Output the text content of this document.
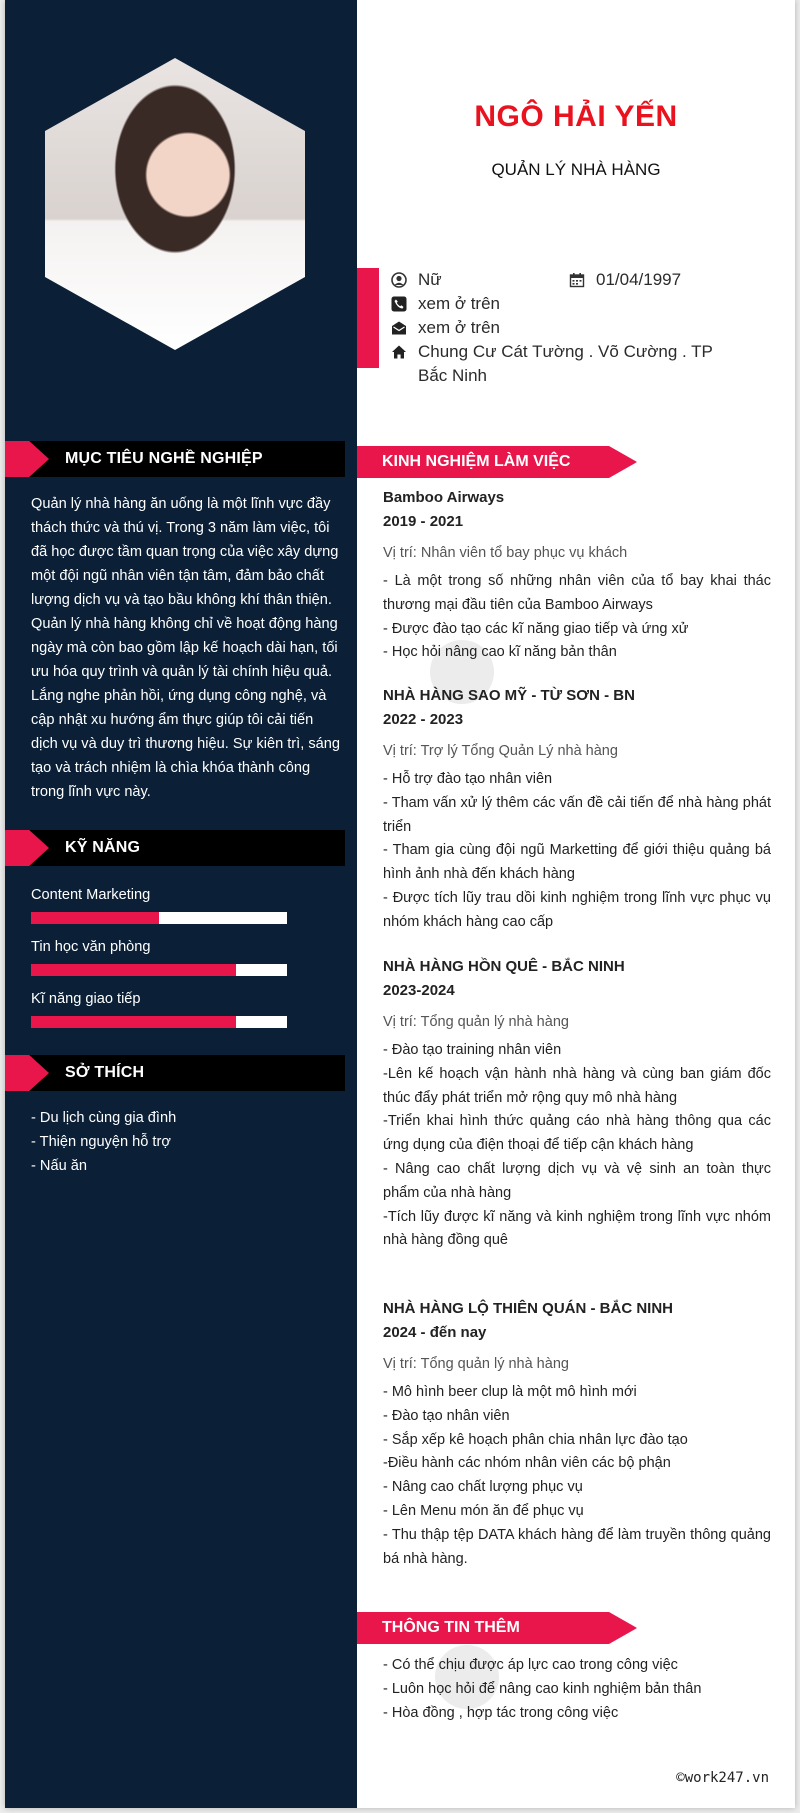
MỤC TIÊU NGHỀ NGHIỆP
Quản lý nhà hàng ăn uống là một lĩnh vực đầy thách thức và thú vị. Trong 3 năm làm việc, tôi đã học được tầm quan trọng của việc xây dựng một đội ngũ nhân viên tận tâm, đảm bảo chất lượng dịch vụ và tạo bầu không khí thân thiện. Quản lý nhà hàng không chỉ về hoạt động hàng ngày mà còn bao gồm lập kế hoạch dài hạn, tối ưu hóa quy trình và quản lý tài chính hiệu quả. Lắng nghe phản hồi, ứng dụng công nghệ, và cập nhật xu hướng ẩm thực giúp tôi cải tiến dịch vụ và duy trì thương hiệu. Sự kiên trì, sáng tạo và trách nhiệm là chìa khóa thành công trong lĩnh vực này.
KỸ NĂNG
Content Marketing
Tin học văn phòng
Kĩ năng giao tiếp
SỞ THÍCH
- Du lịch cùng gia đình
- Thiện nguyện hỗ trợ
- Nấu ăn
NGÔ HẢI YẾN
QUẢN LÝ NHÀ HÀNG
Nữ	01/04/1997
xem ở trên
xem ở trên
Chung Cư Cát Tường . Võ Cường . TP Bắc Ninh
KINH NGHIỆM LÀM VIỆC
Bamboo Airways
2019 - 2021
Vị trí: Nhân viên tổ bay phục vụ khách
- Là một trong số những nhân viên của tổ bay khai thác thương mại đầu tiên của Bamboo Airways
- Được đào tạo các kĩ năng giao tiếp và ứng xử
- Học hỏi nâng cao kĩ năng bản thân
NHÀ HÀNG SAO MỸ - TỪ SƠN - BN
2022 - 2023
Vị trí: Trợ lý Tổng Quản Lý nhà hàng
- Hỗ trợ đào tạo nhân viên
- Tham vấn xử lý thêm các vấn đề cải tiến để nhà hàng phát triển
- Tham gia cùng đội ngũ Marketting để giới thiệu quảng bá hình ảnh nhà đến khách hàng
- Được tích lũy trau dồi kinh nghiệm trong lĩnh vực phục vụ nhóm khách hàng cao cấp
NHÀ HÀNG HỒN QUÊ - BẮC NINH
2023-2024
Vị trí: Tổng quản lý nhà hàng
- Đào tạo training nhân viên
-Lên kế hoạch vận hành nhà hàng và cùng ban giám đốc thúc đẩy phát triển mở rộng quy mô nhà hàng
-Triển khai hình thức quảng cáo nhà hàng thông qua các ứng dụng của điện thoại để tiếp cận khách hàng
- Nâng cao chất lượng dịch vụ và vệ sinh an toàn thực phẩm của nhà hàng
-Tích lũy được kĩ năng và kinh nghiệm trong lĩnh vực nhóm nhà hàng đồng quê
NHÀ HÀNG LỘ THIÊN QUÁN - BẮC NINH
2024 - đến nay
Vị trí: Tổng quản lý nhà hàng
- Mô hình beer clup là một mô hình mới
- Đào tạo nhân viên
- Sắp xếp kê hoạch phân chia nhân lực đào tạo
-Điều hành các nhóm nhân viên các bộ phận
- Nâng cao chất lượng phục vụ
- Lên Menu món ăn để phục vụ
- Thu thập tệp DATA khách hàng để làm truyền thông quảng bá nhà hàng.
THÔNG TIN THÊM
- Có thể chịu được áp lực cao trong công việc
- Luôn học hỏi để nâng cao kinh nghiệm bản thân
- Hòa đồng , hợp tác trong công việc
©work247.vn
